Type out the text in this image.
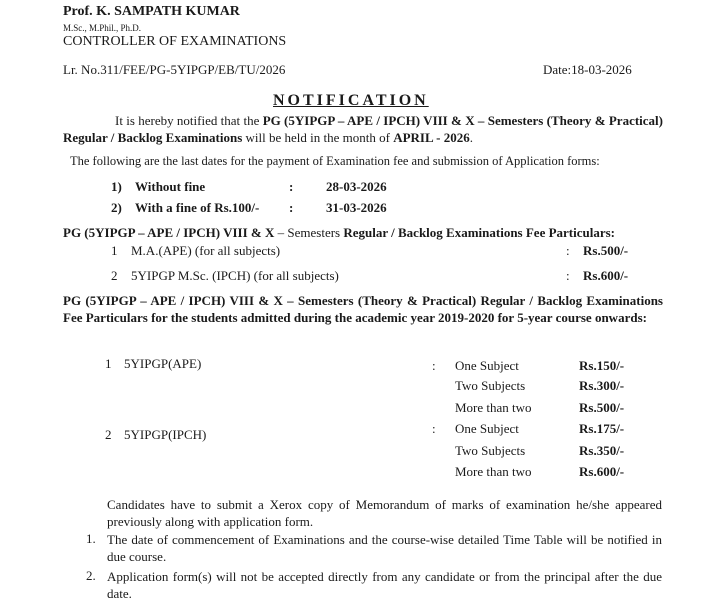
Prof. K. SAMPATH KUMAR
M.Sc., M.Phil., Ph.D.
CONTROLLER OF EXAMINATIONS
Lr. No.311/FEE/PG-5YIPGP/EB/TU/2026	Date:18-03-2026
NOTIFICATION
It is hereby notified that the PG (5YIPGP – APE / IPCH) VIII & X – Semesters (Theory & Practical) Regular / Backlog Examinations will be held in the month of APRIL - 2026.
The following are the last dates for the payment of Examination fee and submission of Application forms:
1) Without fine	:	28-03-2026
2) With a fine of Rs.100/- :	31-03-2026
PG (5YIPGP – APE / IPCH) VIII & X – Semesters Regular / Backlog Examinations Fee Particulars:
1 M.A.(APE) (for all subjects)	: Rs.500/-
2 5YIPGP M.Sc. (IPCH) (for all subjects)	: Rs.600/-
PG (5YIPGP – APE / IPCH) VIII & X – Semesters (Theory & Practical) Regular / Backlog Examinations Fee Particulars for the students admitted during the academic year 2019-2020 for 5-year course onwards:
1 5YIPGP(APE)	: One Subject	Rs.150/-
Two Subjects	Rs.300/-
More than two	Rs.500/-
2 5YIPGP(IPCH)	: One Subject	Rs.175/-
Two Subjects	Rs.350/-
More than two	Rs.600/-
Candidates have to submit a Xerox copy of Memorandum of marks of examination he/she appeared previously along with application form.
1. The date of commencement of Examinations and the course-wise detailed Time Table will be notified in due course.
2. Application form(s) will not be accepted directly from any candidate or from the principal after the due date.
